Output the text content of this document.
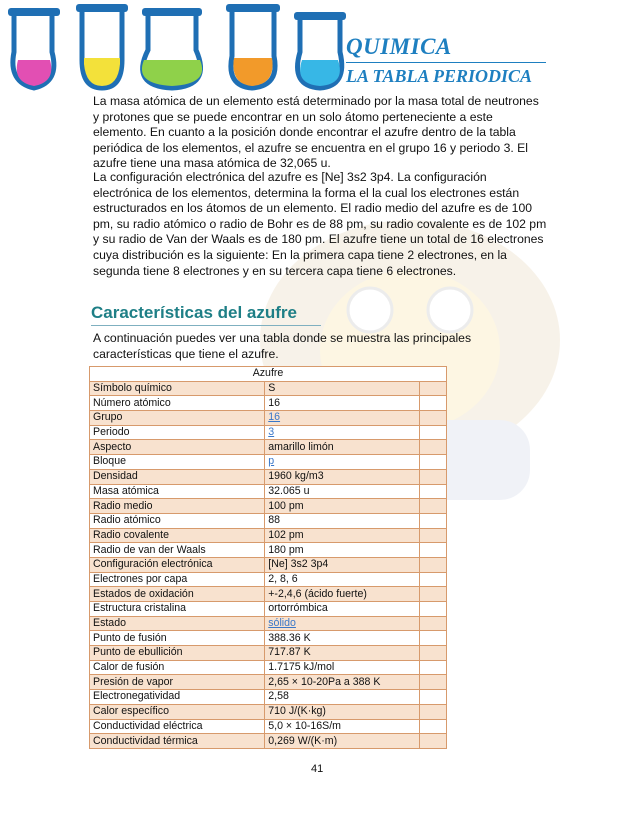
QUIMICA
LA TABLA PERIODICA

La masa atómica de un elemento está determinado por la masa total de neutrones y protones que se puede encontrar en un solo átomo perteneciente a este elemento. En cuanto a la posición donde encontrar el azufre dentro de la tabla periódica de los elementos, el azufre se encuentra en el grupo 16 y periodo 3. El azufre tiene una masa atómica de 32,065 u.

La configuración electrónica del azufre es [Ne] 3s2 3p4. La configuración electrónica de los elementos, determina la forma el la cual los electrones están estructurados en los átomos de un elemento. El radio medio del azufre es de 100 pm, su radio atómico o radio de Bohr es de 88 pm, su radio covalente es de 102 pm y su radio de Van der Waals es de 180 pm. El azufre tiene un total de 16 electrones cuya distribución es la siguiente: En la primera capa tiene 2 electrones, en la segunda tiene 8 electrones y en su tercera capa tiene 6 electrones.

Características del azufre

A continuación puedes ver una tabla donde se muestra las principales características que tiene el azufre.

Azufre		
Símbolo químico	S	
Número atómico	16	
Grupo	16	
Periodo	3	
Aspecto	amarillo limón	
Bloque	p	
Densidad	1960 kg/m3	
Masa atómica	32.065 u	
Radio medio	100 pm	
Radio atómico	88	
Radio covalente	102 pm	
Radio de van der Waals	180 pm	
Configuración electrónica	[Ne] 3s2 3p4	
Electrones por capa	2, 8, 6	
Estados de oxidación	+-2,4,6 (ácido fuerte)	
Estructura cristalina	ortorrómbica	
Estado	sólido	
Punto de fusión	388.36 K	
Punto de ebullición	717.87 K	
Calor de fusión	1.7175 kJ/mol	
Presión de vapor	2,65 × 10-20Pa a 388 K	
Electronegatividad	2,58	
Calor específico	710 J/(K·kg)	
Conductividad eléctrica	5,0 × 10-16S/m	
Conductividad térmica	0,269 W/(K·m)	
41
